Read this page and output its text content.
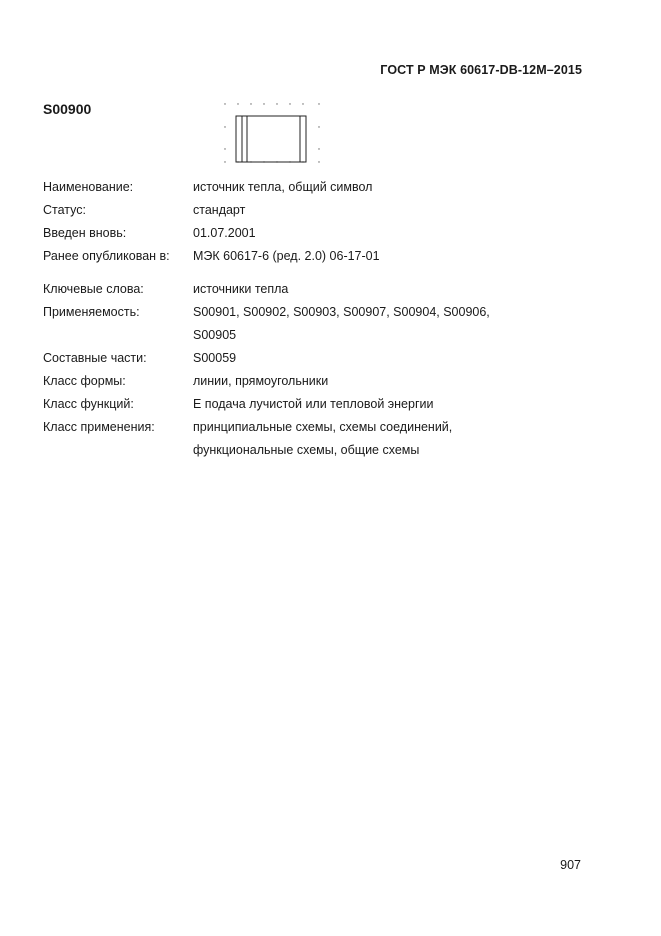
ГОСТ Р МЭК 60617-DB-12M–2015
S00900
Наименование:	источник тепла, общий символ
Статус:	стандарт
Введен вновь:	01.07.2001
Ранее опубликован в:	МЭК 60617-6 (ред. 2.0) 06-17-01
Ключевые слова:	источники тепла
Применяемость:	S00901, S00902, S00903, S00907, S00904, S00906, S00905
Составные части:	S00059
Класс формы:	линии, прямоугольники
Класс функций:	E подача лучистой или тепловой энергии
Класс применения:	принципиальные схемы, схемы соединений, функциональные схемы, общие схемы
907
